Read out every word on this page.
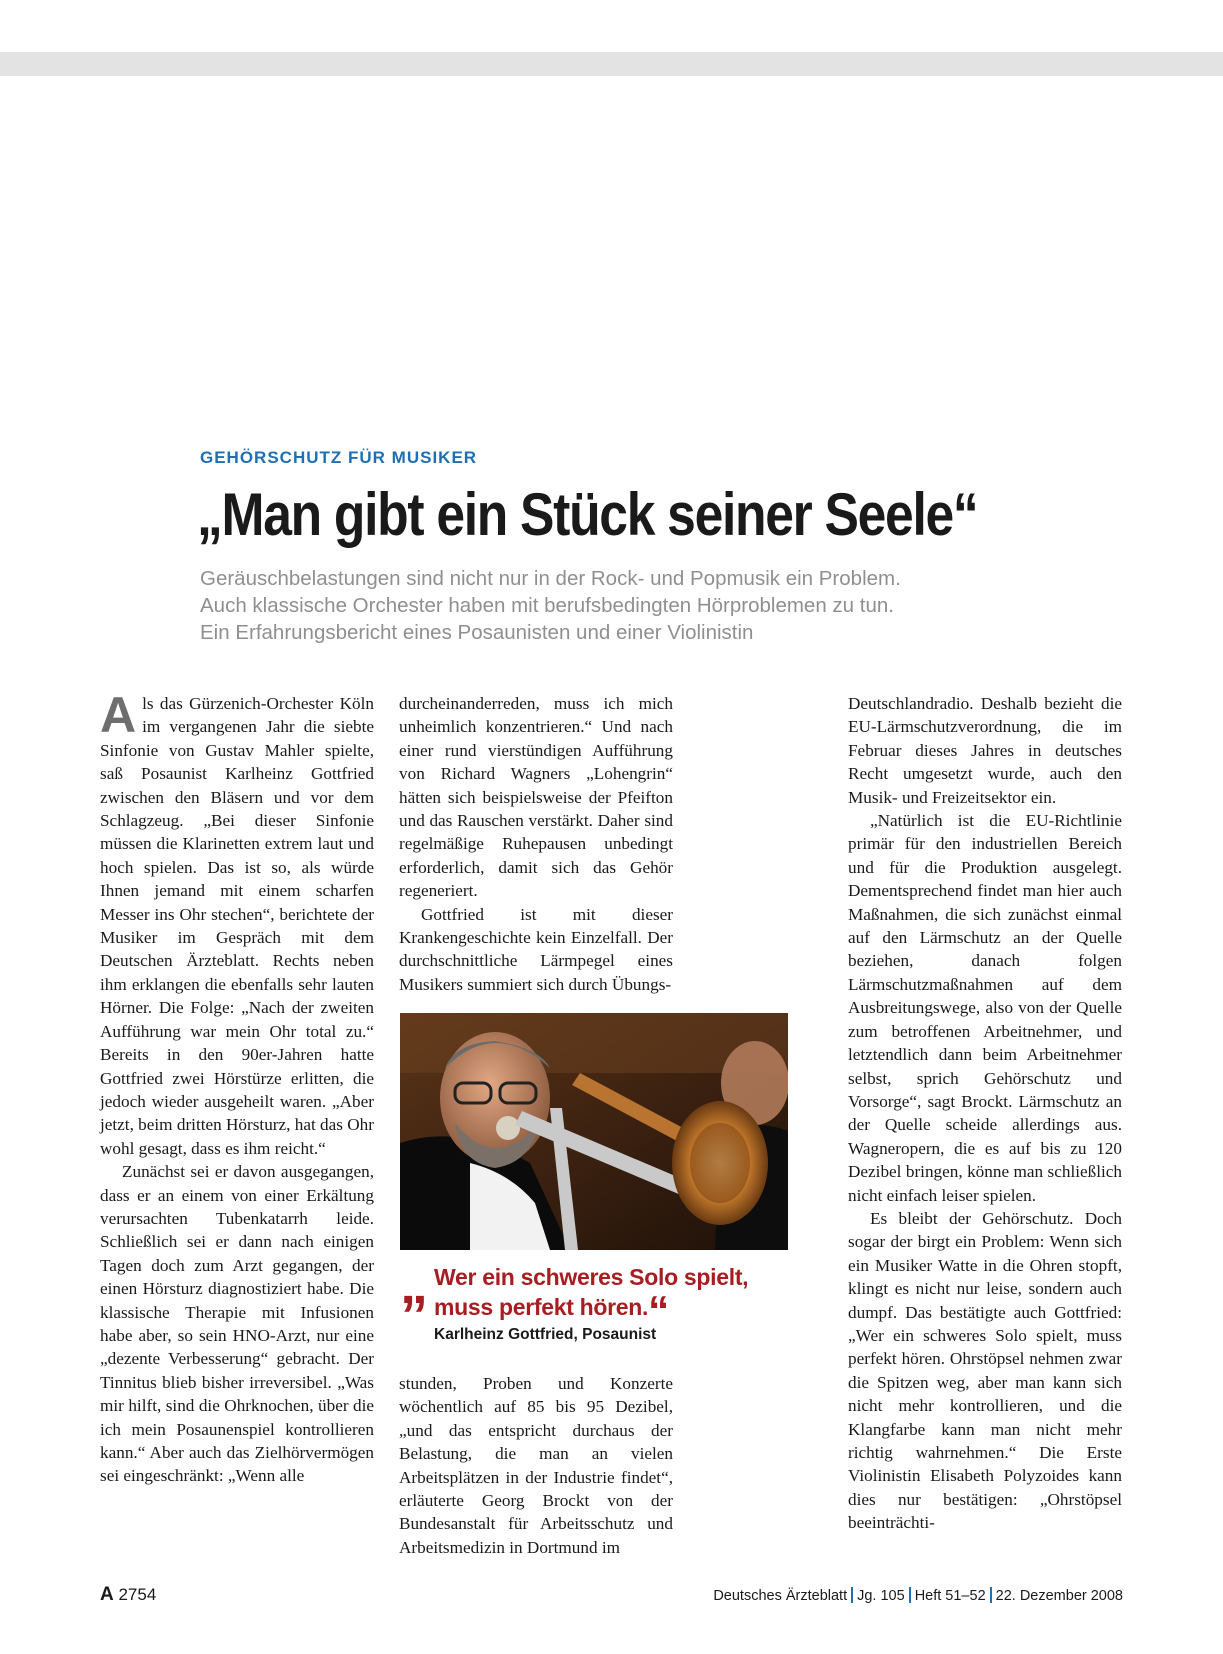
GEHÖRSCHUTZ FÜR MUSIKER
„Man gibt ein Stück seiner Seele“
Geräuschbelastungen sind nicht nur in der Rock- und Popmusik ein Problem.
Auch klassische Orchester haben mit berufsbedingten Hörproblemen zu tun.
Ein Erfahrungsbericht eines Posaunisten und einer Violinistin

Als das Gürzenich-Orchester Köln im vergangenen Jahr die siebte Sinfonie von Gustav Mahler spielte, saß Posaunist Karlheinz Gottfried zwischen den Bläsern und vor dem Schlagzeug. „Bei dieser Sinfonie müssen die Klarinetten extrem laut und hoch spielen. Das ist so, als würde Ihnen jemand mit einem scharfen Messer ins Ohr stechen“, berichtete der Musiker im Gespräch mit dem Deutschen Ärzteblatt. Rechts neben ihm erklangen die ebenfalls sehr lauten Hörner. Die Folge: „Nach der zweiten Aufführung war mein Ohr total zu.“ Bereits in den 90er-Jahren hatte Gottfried zwei Hörstürze erlitten, die jedoch wieder ausgeheilt waren. „Aber jetzt, beim dritten Hörsturz, hat das Ohr wohl gesagt, dass es ihm reicht.“

Zunächst sei er davon ausgegangen, dass er an einem von einer Erkältung verursachten Tubenkatarrh leide. Schließlich sei er dann nach einigen Tagen doch zum Arzt gegangen, der einen Hörsturz diagnostiziert habe. Die klassische Therapie mit Infusionen habe aber, so sein HNO-Arzt, nur eine „dezente Verbesserung“ gebracht. Der Tinnitus blieb bisher irreversibel. „Was mir hilft, sind die Ohrknochen, über die ich mein Posaunenspiel kontrollieren kann.“ Aber auch das Zielhörvermögen sei eingeschränkt: „Wenn alle

durcheinanderreden, muss ich mich unheimlich konzentrieren.“ Und nach einer rund vierstündigen Aufführung von Richard Wagners „Lohengrin“ hätten sich beispielsweise der Pfeifton und das Rauschen verstärkt. Daher sind regelmäßige Ruhepausen unbedingt erforderlich, damit sich das Gehör regeneriert.

Gottfried ist mit dieser Krankengeschichte kein Einzelfall. Der durchschnittliche Lärmpegel eines Musikers summiert sich durch Übungs-

„ Wer ein schweres Solo spielt, muss perfekt hören.“
Karlheinz Gottfried, Posaunist

stunden, Proben und Konzerte wöchentlich auf 85 bis 95 Dezibel, „und das entspricht durchaus der Belastung, die man an vielen Arbeitsplätzen in der Industrie findet“, erläuterte Georg Brockt von der Bundesanstalt für Arbeitsschutz und Arbeitsmedizin in Dortmund im

Deutschlandradio. Deshalb bezieht die EU-Lärmschutzverordnung, die im Februar dieses Jahres in deutsches Recht umgesetzt wurde, auch den Musik- und Freizeitsektor ein.

„Natürlich ist die EU-Richtlinie primär für den industriellen Bereich und für die Produktion ausgelegt. Dementsprechend findet man hier auch Maßnahmen, die sich zunächst einmal auf den Lärmschutz an der Quelle beziehen, danach folgen Lärmschutzmaßnahmen auf dem Ausbreitungswege, also von der Quelle zum betroffenen Arbeitnehmer, und letztendlich dann beim Arbeitnehmer selbst, sprich Gehörschutz und Vorsorge“, sagt Brockt. Lärmschutz an der Quelle scheide allerdings aus. Wagneropern, die es auf bis zu 120 Dezibel bringen, könne man schließlich nicht einfach leiser spielen.

Es bleibt der Gehörschutz. Doch sogar der birgt ein Problem: Wenn sich ein Musiker Watte in die Ohren stopft, klingt es nicht nur leise, sondern auch dumpf. Das bestätigte auch Gottfried: „Wer ein schweres Solo spielt, muss perfekt hören. Ohrstöpsel nehmen zwar die Spitzen weg, aber man kann sich nicht mehr kontrollieren, und die Klangfarbe kann man nicht mehr richtig wahrnehmen.“ Die Erste Violinistin Elisabeth Polyzoides kann dies nur bestätigen: „Ohrstöpsel beeinträchti-

A 2754	Deutsches Ärzteblatt Jg. 105 Heft 51–52 22. Dezember 2008
